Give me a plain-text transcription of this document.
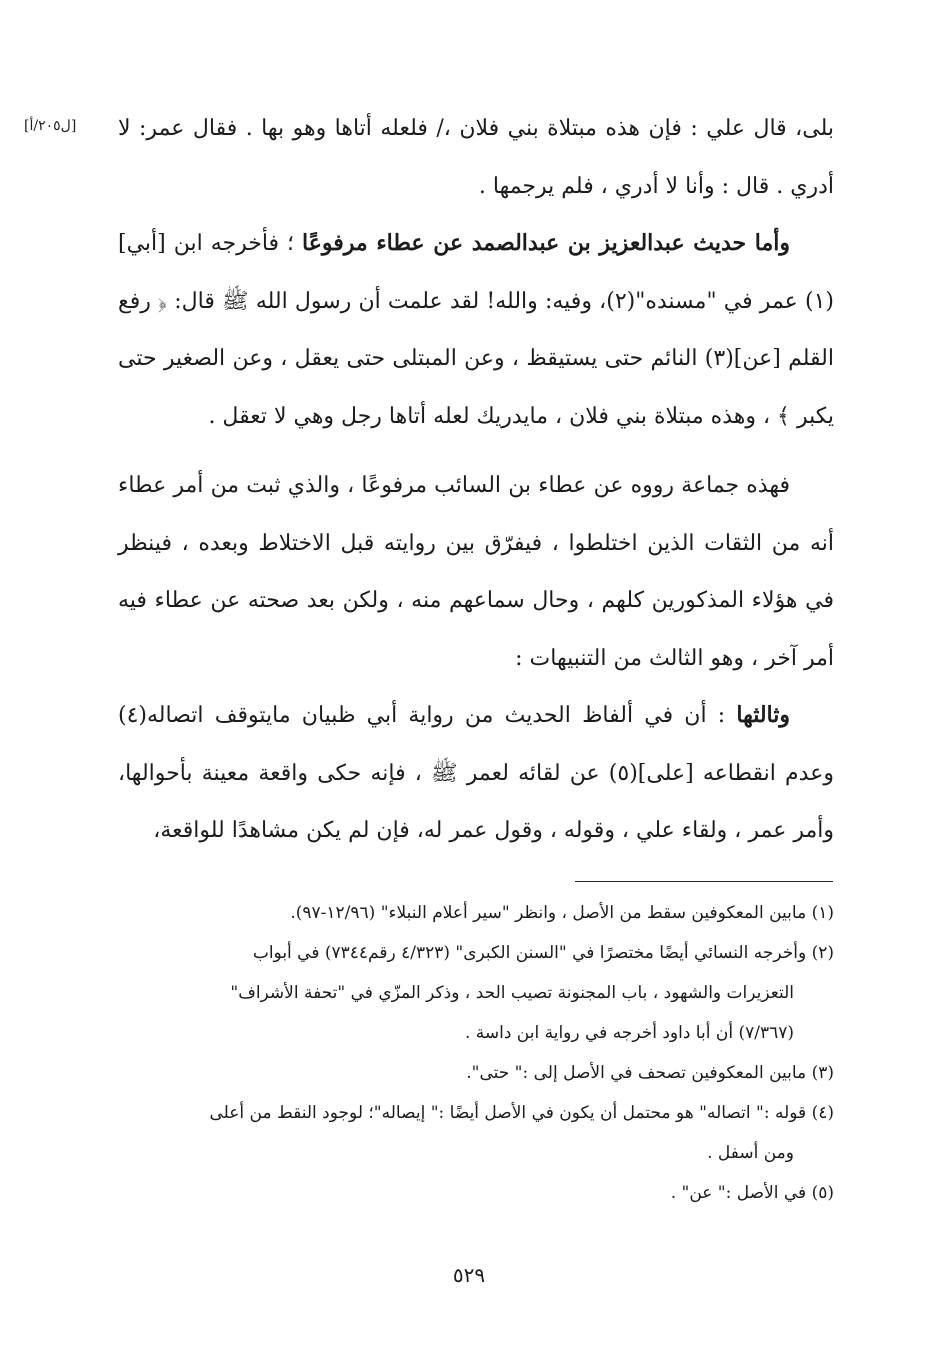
[ل٢٠٥/أ] بلى، قال علي : فإن هذه مبتلاة بني فلان ،/ فلعله أتاها وهو بها . فقال عمر: لا أدري . قال : وأنا لا أدري ، فلم يرجمها .

وأما حديث عبدالعزيز بن عبدالصمد عن عطاء مرفوعًا ؛ فأخرجه ابن [أبي](١) عمر في "مسنده"(٢)، وفيه: والله! لقد علمت أن رسول الله ﷺ قال: ﴿ رفع القلم [عن](٣) النائم حتى يستيقظ ، وعن المبتلى حتى يعقل ، وعن الصغير حتى يكبر ﴾ ، وهذه مبتلاة بني فلان ، مايدريك لعله أتاها رجل وهي لا تعقل .

فهذه جماعة رووه عن عطاء بن السائب مرفوعًا ، والذي ثبت من أمر عطاء أنه من الثقات الذين اختلطوا ، فيفرّق بين روايته قبل الاختلاط وبعده ، فينظر في هؤلاء المذكورين كلهم ، وحال سماعهم منه ، ولكن بعد صحته عن عطاء فيه أمر آخر ، وهو الثالث من التنبيهات :

وثالثها : أن في ألفاظ الحديث من رواية أبي ظبيان مايتوقف اتصاله(٤) وعدم انقطاعه [على](٥) عن لقائه لعمر ﷺ ، فإنه حكى واقعة معينة بأحوالها، وأمر عمر ، ولقاء علي ، وقوله ، وقول عمر له، فإن لم يكن مشاهدًا للواقعة،

(١) مابين المعكوفين سقط من الأصل ، وانظر "سير أعلام النبلاء" (١٢/٩٦-٩٧).

(٢) وأخرجه النسائي أيضًا مختصرًا في "السنن الكبرى" (٤/٣٢٣ رقم٧٣٤٤) في أبواب

التعزيرات والشهود ، باب المجنونة تصيب الحد ، وذكر المزّي في "تحفة الأشراف"

(٧/٣٦٧) أن أبا داود أخرجه في رواية ابن داسة .

(٣) مابين المعكوفين تصحف في الأصل إلى :" حتى".

(٤) قوله :" اتصاله" هو محتمل أن يكون في الأصل أيضًا :" إيصاله"؛ لوجود النقط من أعلى

ومن أسفل .

(٥) في الأصل :" عن" .

٥٢٩
